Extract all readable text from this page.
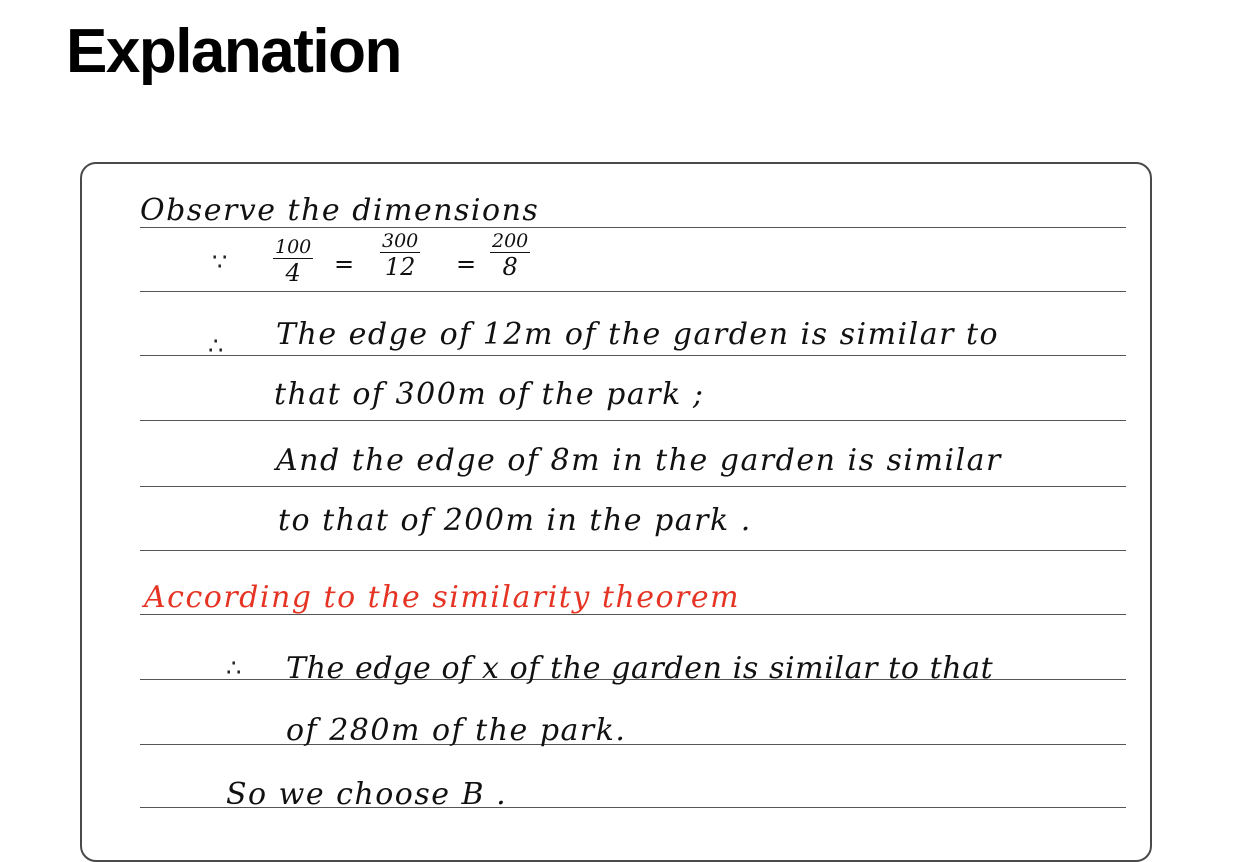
Explanation
Observe the dimensions
∵
100
4 =
300
12 =
200
8
∴ The edge of 12m of the garden is similar to
that of 300m of the park ;
And the edge of 8m in the garden is similar
to that of 200m in the park .
According to the similarity theorem
∴ The edge of x of the garden is similar to that
of 280m of the park.
So we choose B .
